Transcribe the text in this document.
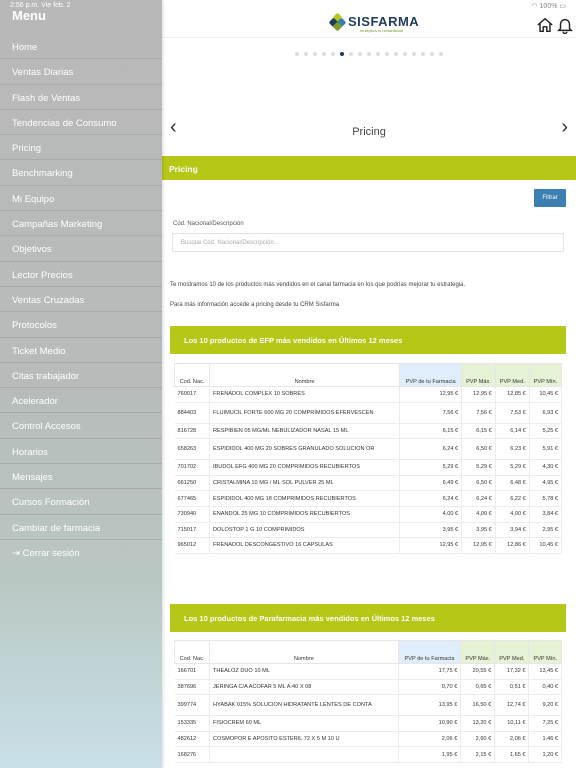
2:56 p.m. Vie feb. 2	◠ 100% ▭
SISFARMA
multiplica tu rentabilidad
‹	Pricing	›
Pricing
Filtrar
Cód. Nacional/Descripción
Busque Cód. Nacional/Descripción...
Te mostramos 10 de los productos más vendidos en el canal farmacia en los que podrías mejorar tu estrategia.
Para más información accede a pricing desde tu CRM Sisfarma
Los 10 productos de EFP más vendidos en Últimos 12 meses
Cod. Nac.	Nombre	PVP de tu Farmacia	PVP Máx.	PVP Med.	PVP Mín.
760017	FRENADOL COMPLEX 10 SOBRES	12,95 €	12,95 €	12,85 €	10,45 €
884403	FLUIMUCIL FORTE 600 MG 20 COMPRIMIDOS EFERVESCEN	7,56 €	7,56 €	7,53 €	6,93 €
816728	RESPIBIEN 05 MG/ML NEBULIZADOR NASAL 15 ML	6,15 €	6,15 €	6,14 €	5,25 €
658263	ESPIDIDOL 400 MG 20 SOBRES GRANULADO SOLUCION OR	6,24 €	6,50 €	6,23 €	5,91 €
701702	IBUDOL EFG 400 MG 20 COMPRIMIDOS RECUBIERTOS	5,29 €	5,29 €	5,29 €	4,30 €
661250	CRISTALMINA 10 MG / ML SOL PULVER 25 ML	6,49 €	6,50 €	6,48 €	4,95 €
677465	ESPIDIDOL 400 MG 18 COMPRIMIDOS RECUBIERTOS	6,24 €	6,24 €	6,22 €	5,78 €
730940	ENANDOL 25 MG 10 COMPRIMIDOS RECUBIERTOS	4,00 €	4,00 €	4,00 €	3,84 €
715017	DOLOSTOP 1 G 10 COMPRIMIDOS	3,95 €	3,95 €	3,94 €	2,95 €
965012	FRENADOL DESCONGESTIVO 16 CAPSULAS	12,95 €	12,95 €	12,86 €	10,45 €
Los 10 productos de Parafarmacia más vendidos en Últimos 12 meses
Cod. Nac.	Nombre	PVP de tu Farmacia	PVP Máx.	PVP Med.	PVP Mín.
166701	THEALOZ DUO 10 ML	17,75 €	20,55 €	17,32 €	13,45 €
387696	JERINGA C/A ACOFAR 5 ML A:40 X 08	0,70 €	0,65 €	0,51 €	0,40 €
399774	HYABAK 015% SOLUCION HIDRATANTE LENTES DE CONTA	13,95 €	16,50 €	12,74 €	9,20 €
153335	FISIOCREM 60 ML	10,90 €	13,20 €	10,11 €	7,25 €
482612	COSMOPOR E APOSITO ESTERIL 72 X 5 M 10 U	2,06 €	2,60 €	2,06 €	1,46 €
168276		1,95 €	2,15 €	1,65 €	1,20 €
Menu
Home
Ventas Diarias
Flash de Ventas
Tendencias de Consumo
Pricing
Benchmarking
Mi Equipo
Campañas Marketing
Objetivos
Lector Precios
Ventas Cruzadas
Protocolos
Ticket Medio
Citas trabajador
Acelerador
Control Accesos
Horarios
Mensajes
Cursos Formación
Cambiar de farmacia
⇥ Cerrar sesión
